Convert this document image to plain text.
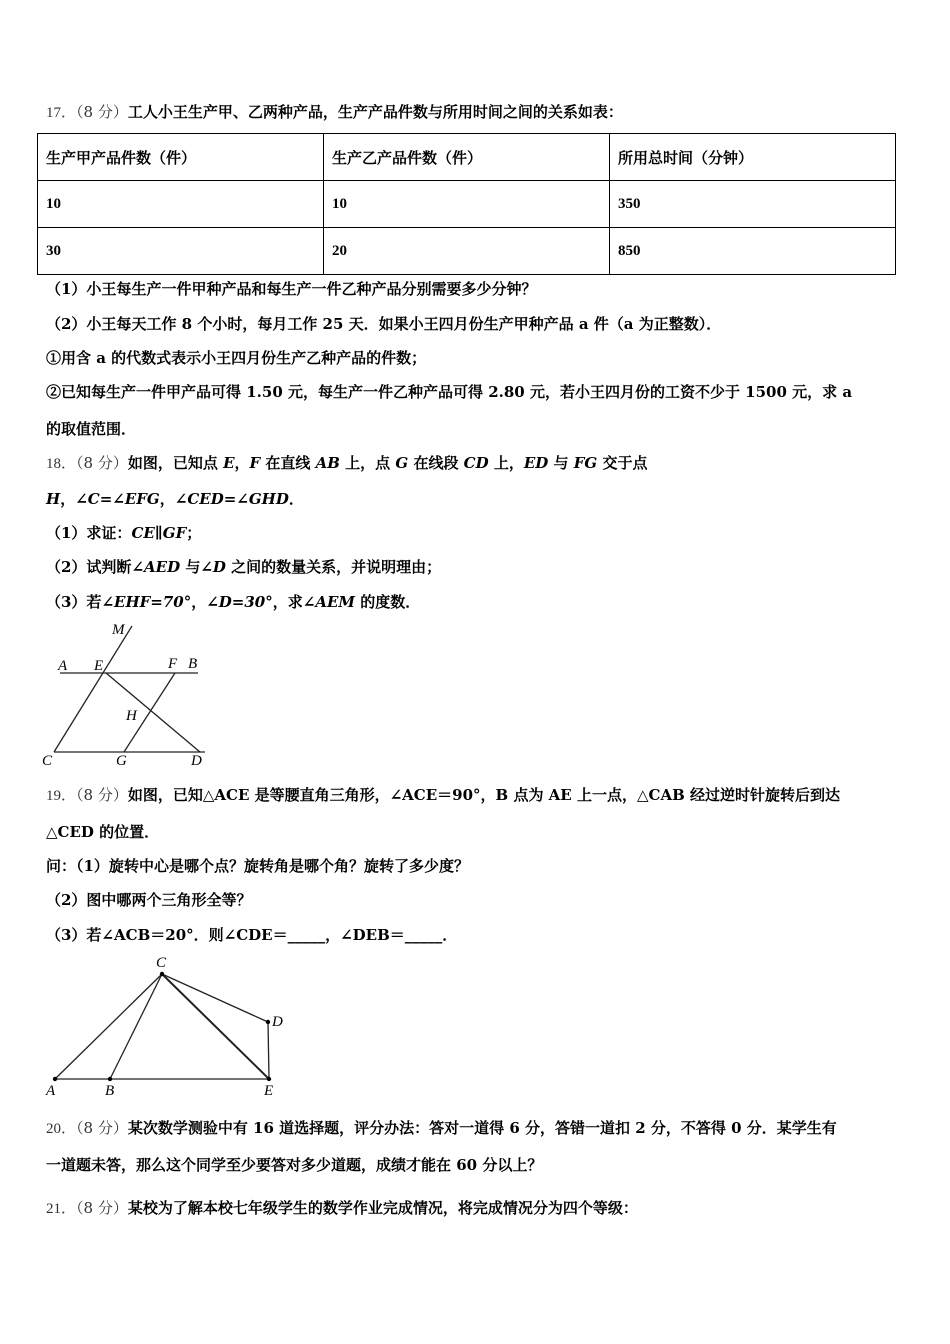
17．（8 分）工人小王生产甲、乙两种产品，生产产品件数与所用时间之间的关系如表：
生产甲产品件数（件）	生产乙产品件数（件）	所用总时间（分钟）
10	10	350
30	20	850
（1）小王每生产一件甲种产品和每生产一件乙种产品分别需要多少分钟？
（2）小王每天工作 8 个小时，每月工作 25 天．如果小王四月份生产甲种产品 a 件（a 为正整数）．
①用含 a 的代数式表示小王四月份生产乙种产品的件数；
②已知每生产一件甲产品可得 1.50 元，每生产一件乙种产品可得 2.80 元，若小王四月份的工资不少于 1500 元，求 a
的取值范围．
18．（8 分）如图，已知点 E，F 在直线 AB 上，点 G 在线段 CD 上，ED 与 FG 交于点
H，∠C=∠EFG，∠CED=∠GHD．
（1）求证：CE∥GF；
（2）试判断∠AED 与∠D 之间的数量关系，并说明理由；
（3）若∠EHF=70°，∠D=30°，求∠AEM 的度数．
M
A E	F B
H
C	G	D
19．（8 分）如图，已知△ACE 是等腰直角三角形，∠ACE＝90°，B 点为 AE 上一点，△CAB 经过逆时针旋转后到达
△CED 的位置．
问：（1）旋转中心是哪个点？旋转角是哪个角？旋转了多少度？
（2）图中哪两个三角形全等？
（3）若∠ACB＝20°．则∠CDE＝_____，∠DEB＝_____．
C
D
A	B	E
20．（8 分）某次数学测验中有 16 道选择题，评分办法：答对一道得 6 分，答错一道扣 2 分，不答得 0 分．某学生有
一道题未答，那么这个同学至少要答对多少道题，成绩才能在 60 分以上？
21．（8 分）某校为了解本校七年级学生的数学作业完成情况，将完成情况分为四个等级：
